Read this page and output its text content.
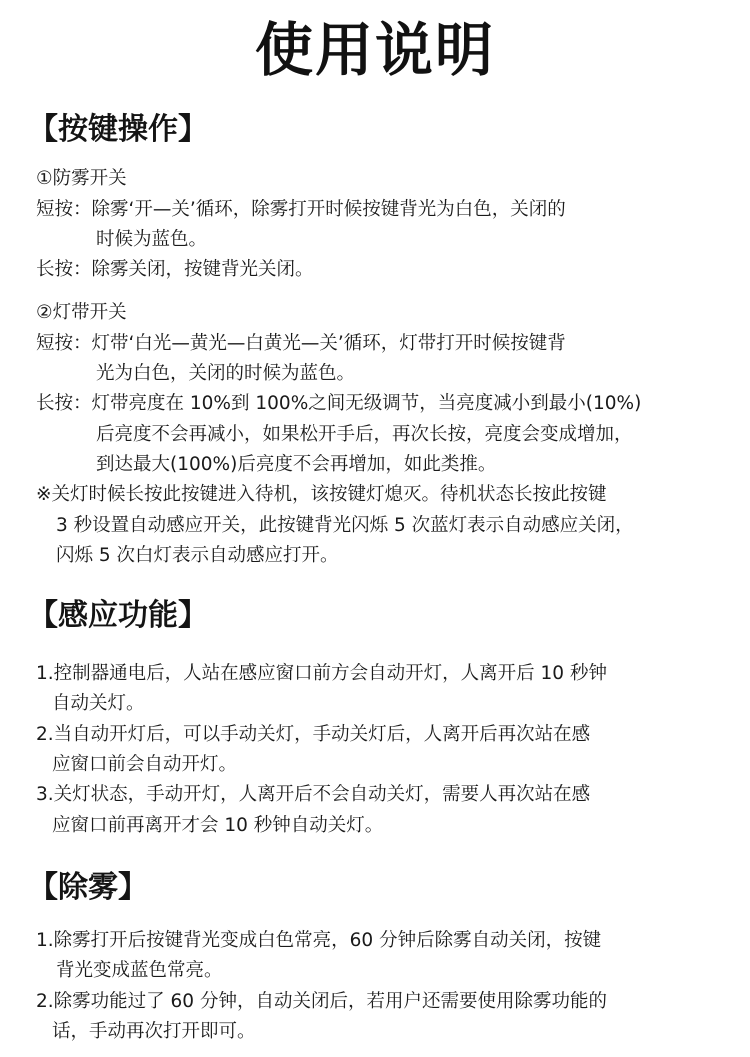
使用说明
【按键操作】
①防雾开关
短按：除雾‘开—关’循环，除雾打开时候按键背光为白色，关闭的
时候为蓝色。
长按：除雾关闭，按键背光关闭。
②灯带开关
短按：灯带‘白光—黄光—白黄光—关’循环，灯带打开时候按键背
光为白色，关闭的时候为蓝色。
长按：灯带亮度在 10%到 100%之间无级调节，当亮度减小到最小(10%)
后亮度不会再减小，如果松开手后，再次长按，亮度会变成增加，
到达最大(100%)后亮度不会再增加，如此类推。
※关灯时候长按此按键进入待机，该按键灯熄灭。待机状态长按此按键
3 秒设置自动感应开关，此按键背光闪烁 5 次蓝灯表示自动感应关闭，
闪烁 5 次白灯表示自动感应打开。
【感应功能】
1.控制器通电后，人站在感应窗口前方会自动开灯，人离开后 10 秒钟
自动关灯。
2.当自动开灯后，可以手动关灯，手动关灯后，人离开后再次站在感
应窗口前会自动开灯。
3.关灯状态，手动开灯，人离开后不会自动关灯，需要人再次站在感
应窗口前再离开才会 10 秒钟自动关灯。
【除雾】
1.除雾打开后按键背光变成白色常亮，60 分钟后除雾自动关闭，按键
背光变成蓝色常亮。
2.除雾功能过了 60 分钟，自动关闭后，若用户还需要使用除雾功能的
话，手动再次打开即可。
